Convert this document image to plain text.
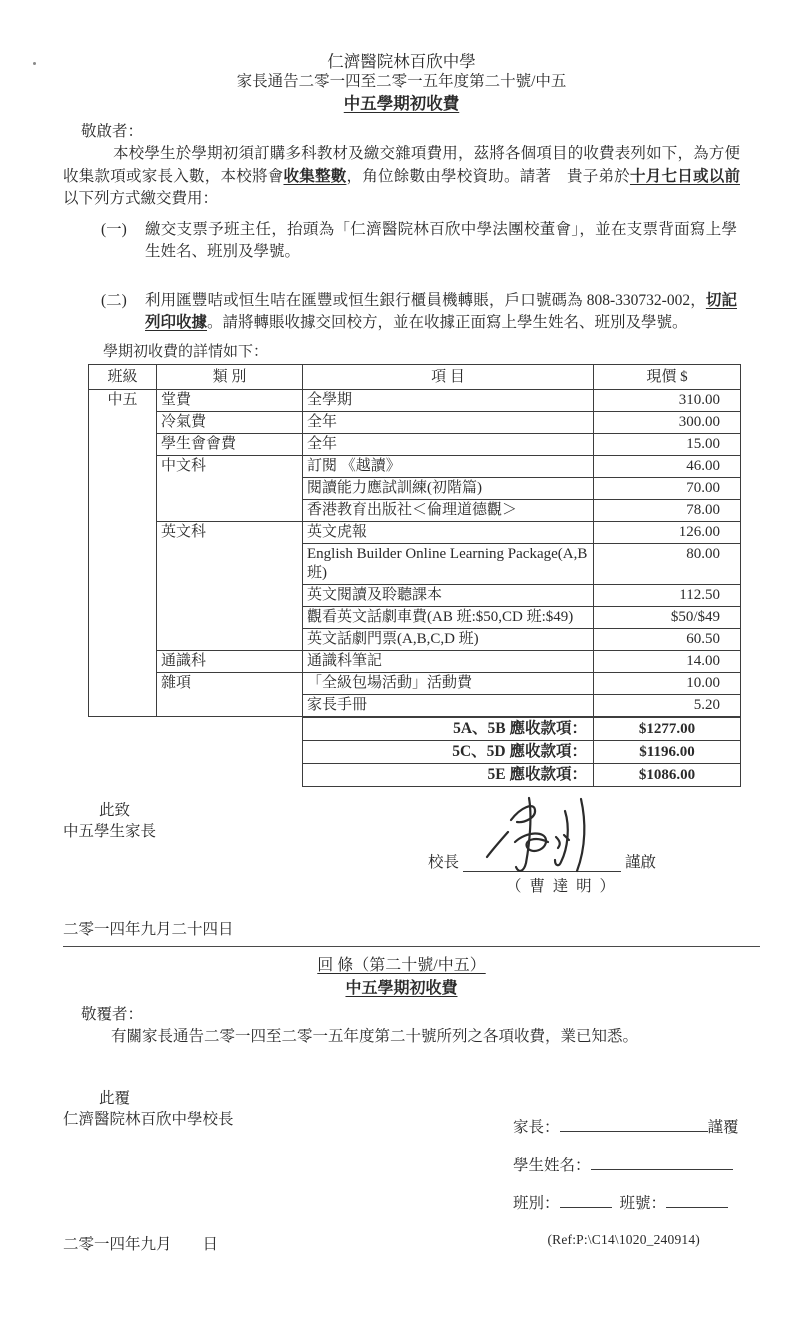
仁濟醫院林百欣中學
家長通告二零一四至二零一五年度第二十號/中五
中五學期初收費
敬啟者：

本校學生於學期初須訂購多科教材及繳交雜項費用，茲將各個項目的收費表列如下，為方便收集款項或家長入數，本校將會收集整數，角位餘數由學校資助。請著　貴子弟於十月七日或以前以下列方式繳交費用：

(一)	繳交支票予班主任，抬頭為「仁濟醫院林百欣中學法團校董會」，並在支票背面寫上學生姓名、班別及學號。
(二)	利用匯豐咭或恒生咭在匯豐或恒生銀行櫃員機轉賬，戶口號碼為 808-330732-002，切記列印收據。請將轉賬收據交回校方，並在收據正面寫上學生姓名、班別及學號。
學期初收費的詳情如下：
班級	類 別	項 目	現價 $
中五	堂費	全學期	310.00
	冷氣費	全年	300.00
	學生會會費	全年	15.00
	中文科	訂閱 《越讀》	46.00
		閱讀能力應試訓練(初階篇)	70.00
		香港教育出版社＜倫理道德觀＞	78.00
	英文科	英文虎報	126.00
		English Builder Online Learning Package(A,B 班)	80.00
		英文閱讀及聆聽課本	112.50
		觀看英文話劇車費(AB 班:$50,CD 班:$49)	$50/$49
		英文話劇門票(A,B,C,D 班)	60.50
	通識科	通識科筆記	14.00
	雜項	「全級包場活動」活動費	10.00
		家長手冊	5.20
5A、5B 應收款項：	$1277.00
5C、5D 應收款項：	$1196.00
5E 應收款項：	$1086.00
此致
中五學生家長
校長	謹啟
（ 曹 達 明 ）
二零一四年九月二十四日
回 條（第二十號/中五）
中五學期初收費
敬覆者：

有關家長通告二零一四至二零一五年度第二十號所列之各項收費，業已知悉。

此覆
仁濟醫院林百欣中學校長	家長：	謹覆
學生姓名：
班別：	班號：
二零一四年九月　　日	(Ref:P:\C14\1020_240914)
